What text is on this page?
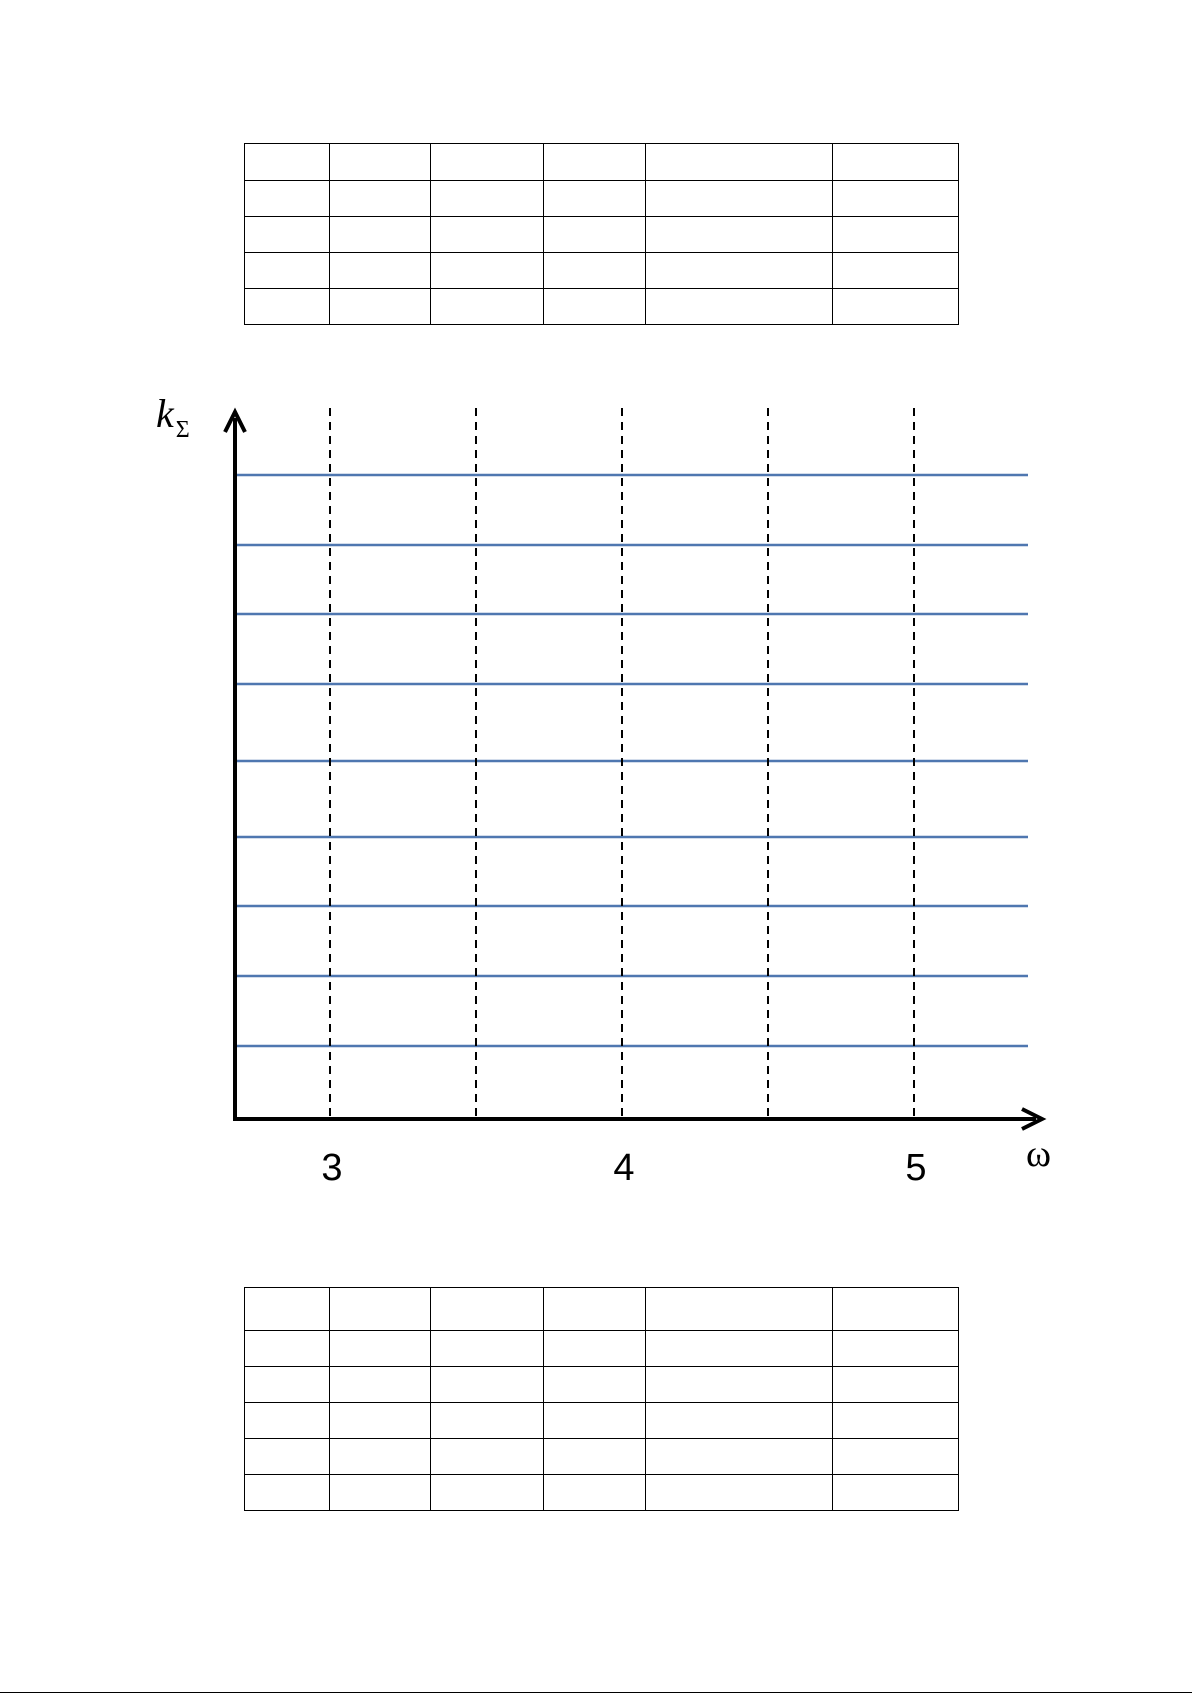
3	4	5
$k_\Sigma$
ω
